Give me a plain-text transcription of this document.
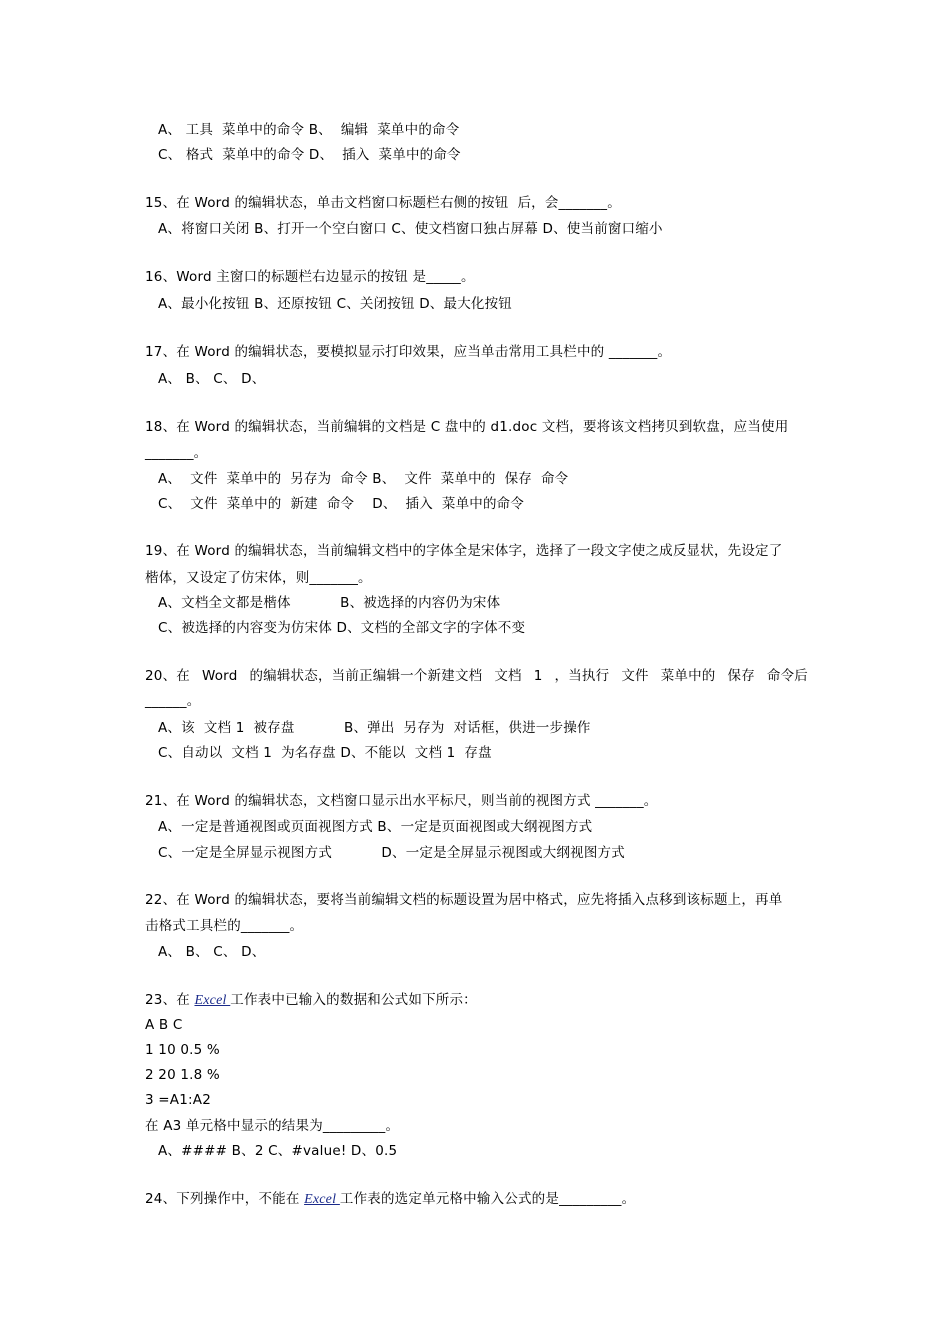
A、 工具  菜单中的命令 B、  编辑  菜单中的命令
C、 格式  菜单中的命令 D、  插入  菜单中的命令
15、在 Word 的编辑状态，单击文档窗口标题栏右侧的按钮  后，会_______。
A、将窗口关闭 B、打开一个空白窗口 C、使文档窗口独占屏幕 D、使当前窗口缩小
16、Word 主窗口的标题栏右边显示的按钮 是_____。
A、最小化按钮 B、还原按钮 C、关闭按钮 D、最大化按钮
17、在 Word 的编辑状态，要模拟显示打印效果，应当单击常用工具栏中的 _______。
A、 B、 C、 D、
18、在 Word 的编辑状态，当前编辑的文档是 C 盘中的 d1.doc 文档，要将该文档拷贝到软盘，应当使用
_______。
A、  文件  菜单中的  另存为  命令 B、  文件  菜单中的  保存  命令
C、  文件  菜单中的  新建  命令    D、  插入  菜单中的命令
19、在 Word 的编辑状态，当前编辑文档中的字体全是宋体字，选择了一段文字使之成反显状，先设定了
楷体，又设定了仿宋体，则_______。
A、文档全文都是楷体           B、被选择的内容仍为宋体
C、被选择的内容变为仿宋体 D、文档的全部文字的字体不变
20、在 Word 的编辑状态，当前正编辑一个新建文档 文档 1 ，当执行 文件 菜单中的 保存 命令后
______。
A、该  文档 1  被存盘           B、弹出  另存为  对话框，供进一步操作
C、自动以  文档 1  为名存盘 D、不能以  文档 1  存盘
21、在 Word 的编辑状态，文档窗口显示出水平标尺，则当前的视图方式 _______。
A、一定是普通视图或页面视图方式 B、一定是页面视图或大纲视图方式
C、一定是全屏显示视图方式           D、一定是全屏显示视图或大纲视图方式
22、在 Word 的编辑状态，要将当前编辑文档的标题设置为居中格式，应先将插入点移到该标题上，再单
击格式工具栏的_______。
A、 B、 C、 D、
23、在 Excel 工作表中已输入的数据和公式如下所示：
A B C
1 10 0.5 %
2 20 1.8 %
3 =A1:A2
在 A3 单元格中显示的结果为_________。
A、#### B、2 C、#value! D、0.5
24、下列操作中，不能在 Excel 工作表的选定单元格中输入公式的是_________。
